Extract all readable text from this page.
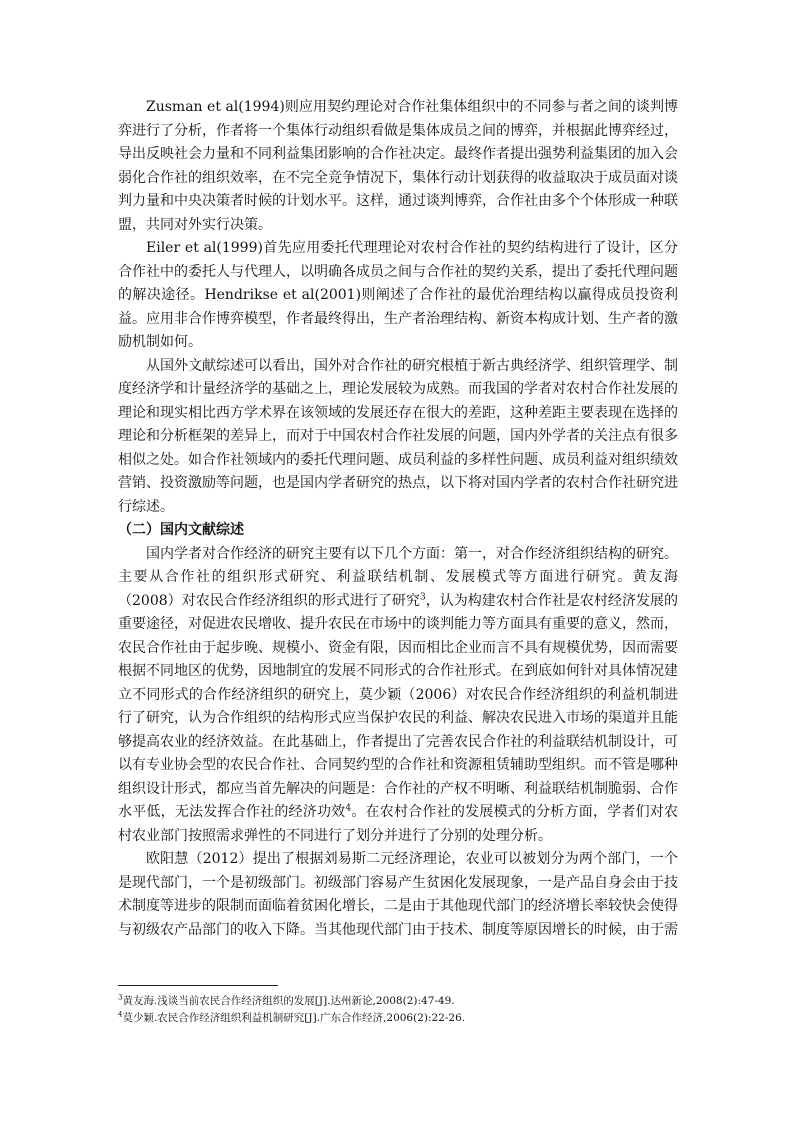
Zusman et al(1994)则应用契约理论对合作社集体组织中的不同参与者之间的谈判博弈进行了分析，作者将一个集体行动组织看做是集体成员之间的博弈，并根据此博弈经过，导出反映社会力量和不同利益集团影响的合作社决定。最终作者提出强势利益集团的加入会弱化合作社的组织效率，在不完全竞争情况下，集体行动计划获得的收益取决于成员面对谈判力量和中央决策者时候的计划水平。这样，通过谈判博弈，合作社由多个个体形成一种联盟，共同对外实行决策。

Eiler et al(1999)首先应用委托代理理论对农村合作社的契约结构进行了设计，区分合作社中的委托人与代理人，以明确各成员之间与合作社的契约关系，提出了委托代理问题的解决途径。Hendrikse et al(2001)则阐述了合作社的最优治理结构以赢得成员投资利益。应用非合作博弈模型，作者最终得出，生产者治理结构、新资本构成计划、生产者的激励机制如何。

从国外文献综述可以看出，国外对合作社的研究根植于新古典经济学、组织管理学、制度经济学和计量经济学的基础之上，理论发展较为成熟。而我国的学者对农村合作社发展的理论和现实相比西方学术界在该领域的发展还存在很大的差距，这种差距主要表现在选择的理论和分析框架的差异上，而对于中国农村合作社发展的问题，国内外学者的关注点有很多相似之处。如合作社领域内的委托代理问题、成员利益的多样性问题、成员利益对组织绩效营销、投资激励等问题，也是国内学者研究的热点，以下将对国内学者的农村合作社研究进行综述。

（二）国内文献综述

国内学者对合作经济的研究主要有以下几个方面：第一，对合作经济组织结构的研究。主要从合作社的组织形式研究、利益联结机制、发展模式等方面进行研究。黄友海（2008）对农民合作经济组织的形式进行了研究$^3$，认为构建农村合作社是农村经济发展的重要途径，对促进农民增收、提升农民在市场中的谈判能力等方面具有重要的意义，然而，农民合作社由于起步晚、规模小、资金有限，因而相比企业而言不具有规模优势，因而需要根据不同地区的优势，因地制宜的发展不同形式的合作社形式。在到底如何针对具体情况建立不同形式的合作经济组织的研究上，莫少颖（2006）对农民合作经济组织的利益机制进行了研究，认为合作组织的结构形式应当保护农民的利益、解决农民进入市场的渠道并且能够提高农业的经济效益。在此基础上，作者提出了完善农民合作社的利益联结机制设计，可以有专业协会型的农民合作社、合同契约型的合作社和资源租赁辅助型组织。而不管是哪种组织设计形式，都应当首先解决的问题是：合作社的产权不明晰、利益联结机制脆弱、合作水平低，无法发挥合作社的经济功效$^4$。在农村合作社的发展模式的分析方面，学者们对农村农业部门按照需求弹性的不同进行了划分并进行了分别的处理分析。

欧阳慧（2012）提出了根据刘易斯二元经济理论，农业可以被划分为两个部门，一个是现代部门，一个是初级部门。初级部门容易产生贫困化发展现象，一是产品自身会由于技术制度等进步的限制而面临着贫困化增长，二是由于其他现代部门的经济增长率较快会使得与初级农产品部门的收入下降。当其他现代部门由于技术、制度等原因增长的时候，由于需

$^3$黄友海.浅谈当前农民合作经济组织的发展[J].达州新论,2008(2):47-49.

$^4$莫少颖.农民合作经济组织利益机制研究[J].广东合作经济,2006(2):22-26.
